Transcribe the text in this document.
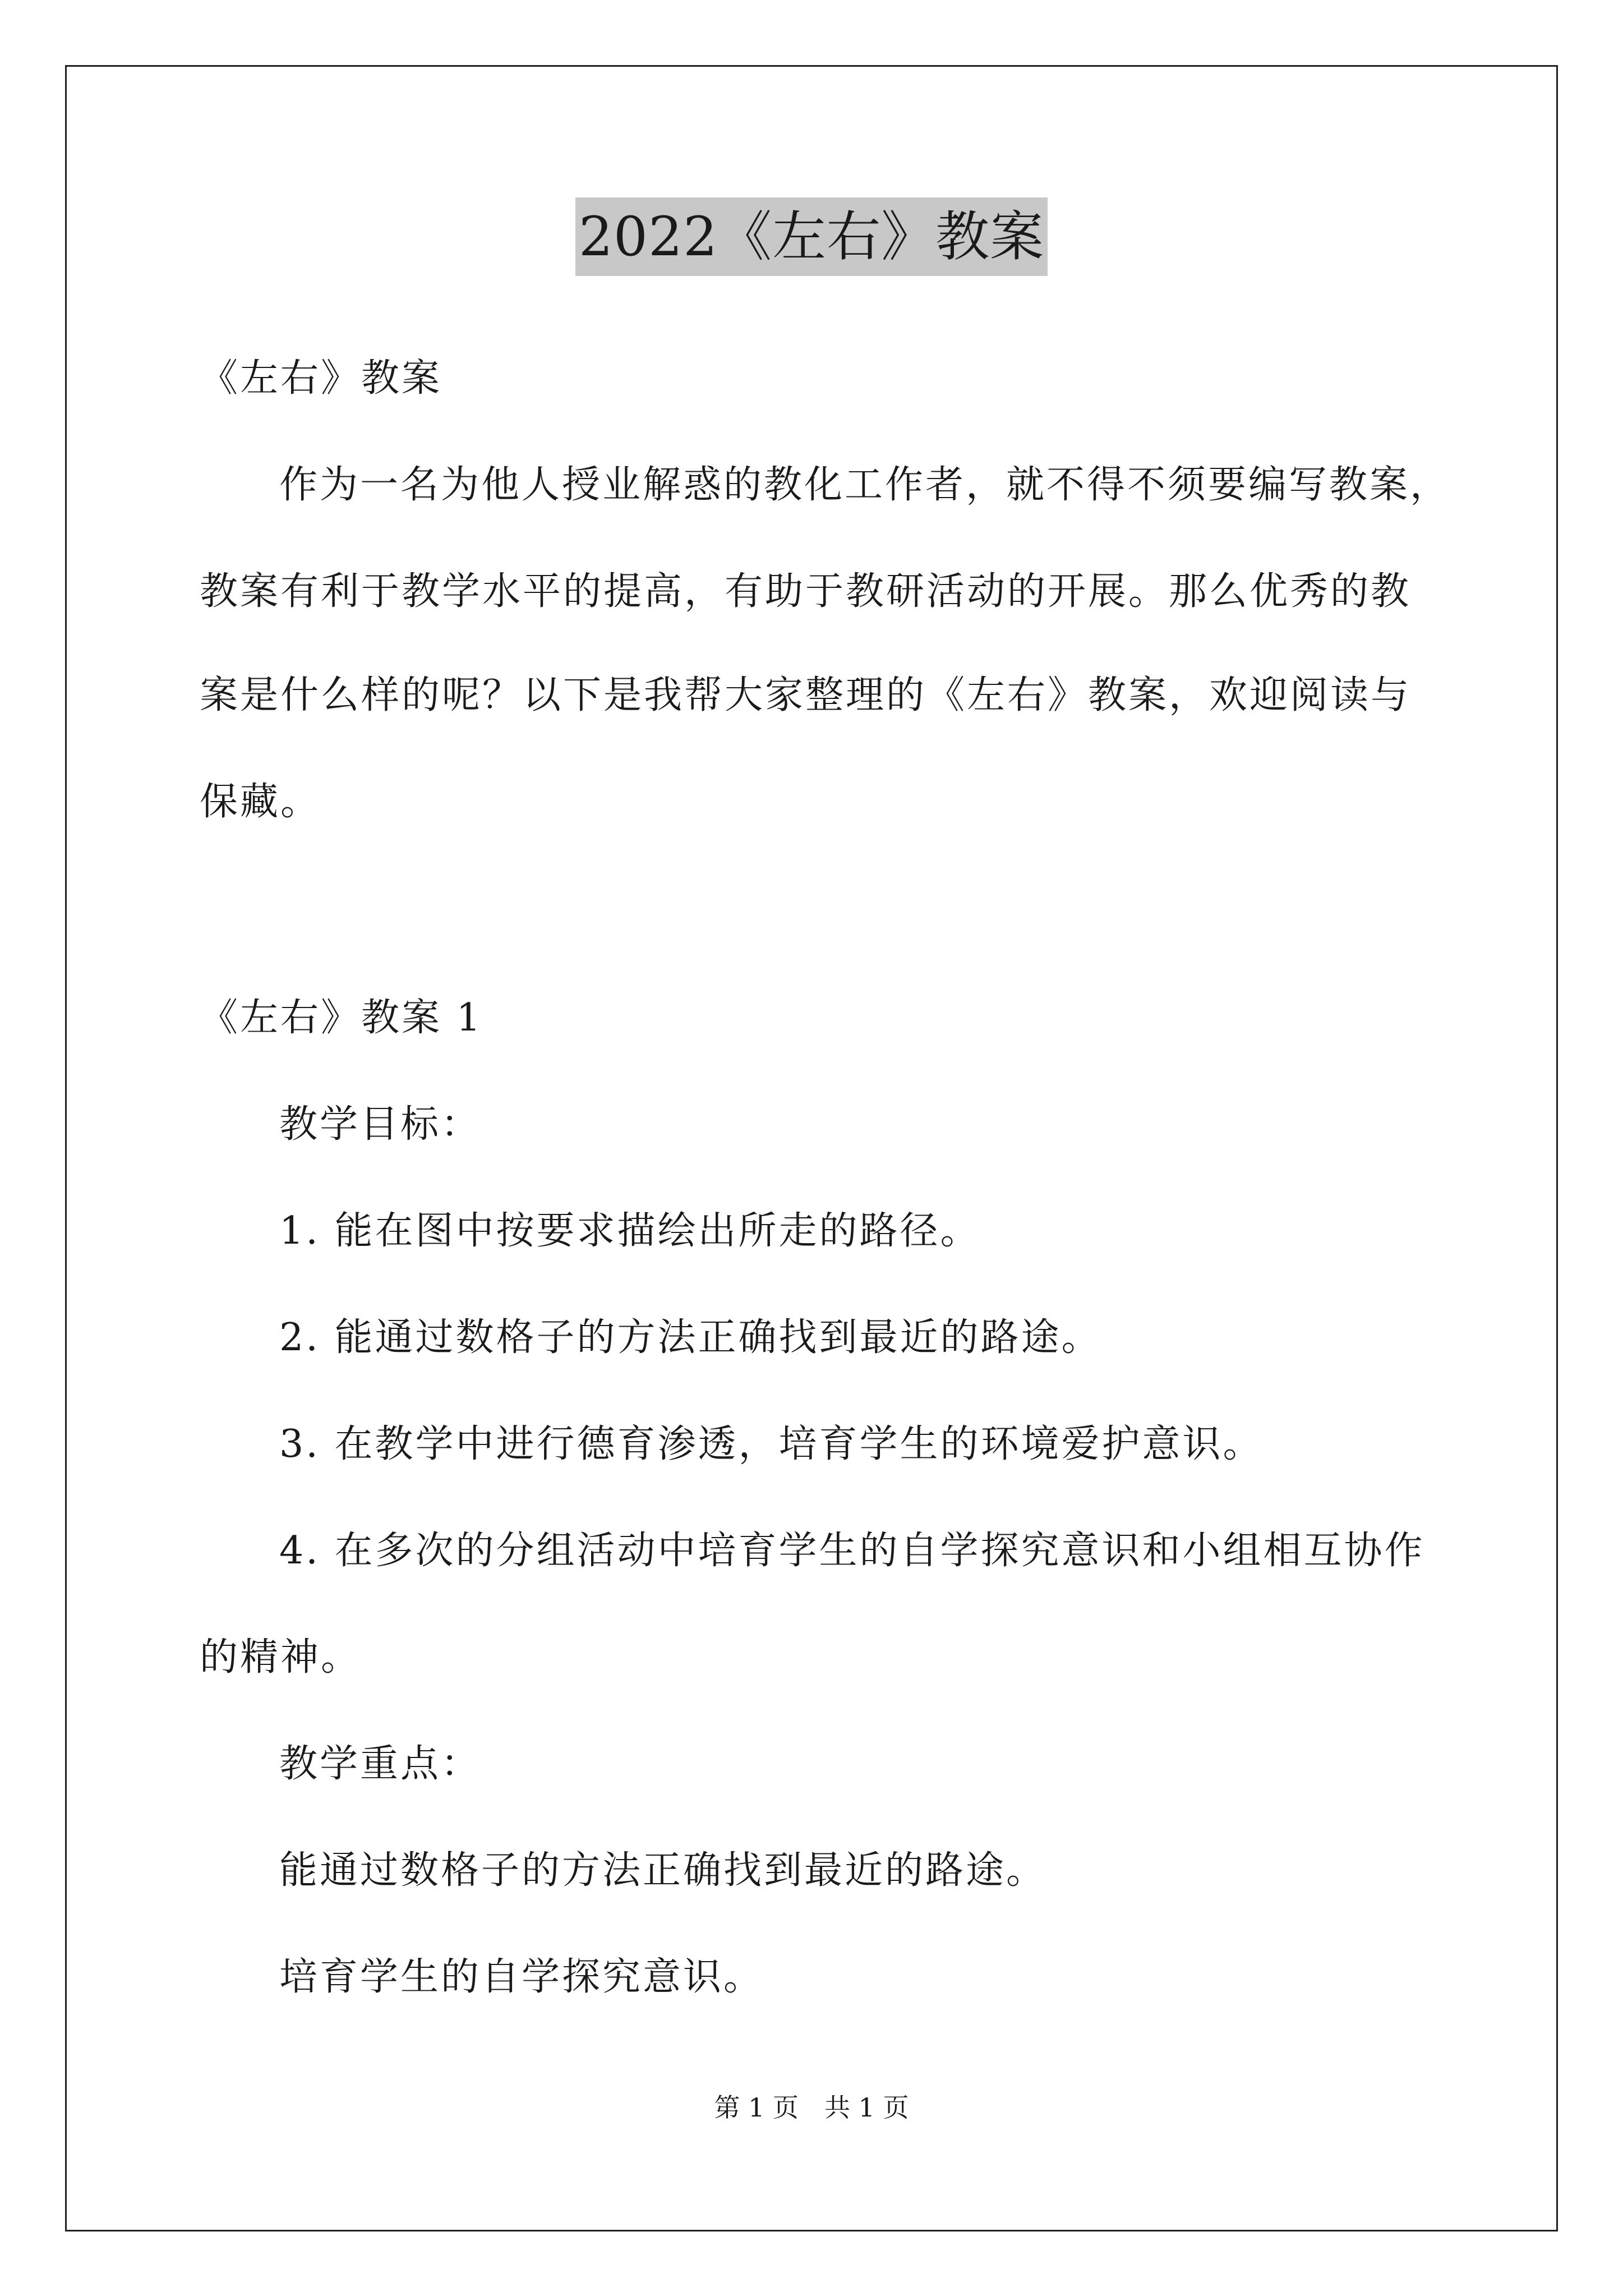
2022《左右》教案
《左右》教案
作为一名为他人授业解惑的教化工作者，就不得不须要编写教案，
教案有利于教学水平的提高，有助于教研活动的开展。那么优秀的教
案是什么样的呢？以下是我帮大家整理的《左右》教案，欢迎阅读与
保藏。
《左右》教案 1
教学目标：
1. 能在图中按要求描绘出所走的路径。
2. 能通过数格子的方法正确找到最近的路途。
3. 在教学中进行德育渗透，培育学生的环境爱护意识。
4. 在多次的分组活动中培育学生的自学探究意识和小组相互协作
的精神。
教学重点：
能通过数格子的方法正确找到最近的路途。
培育学生的自学探究意识。
第 1 页　共 1 页
